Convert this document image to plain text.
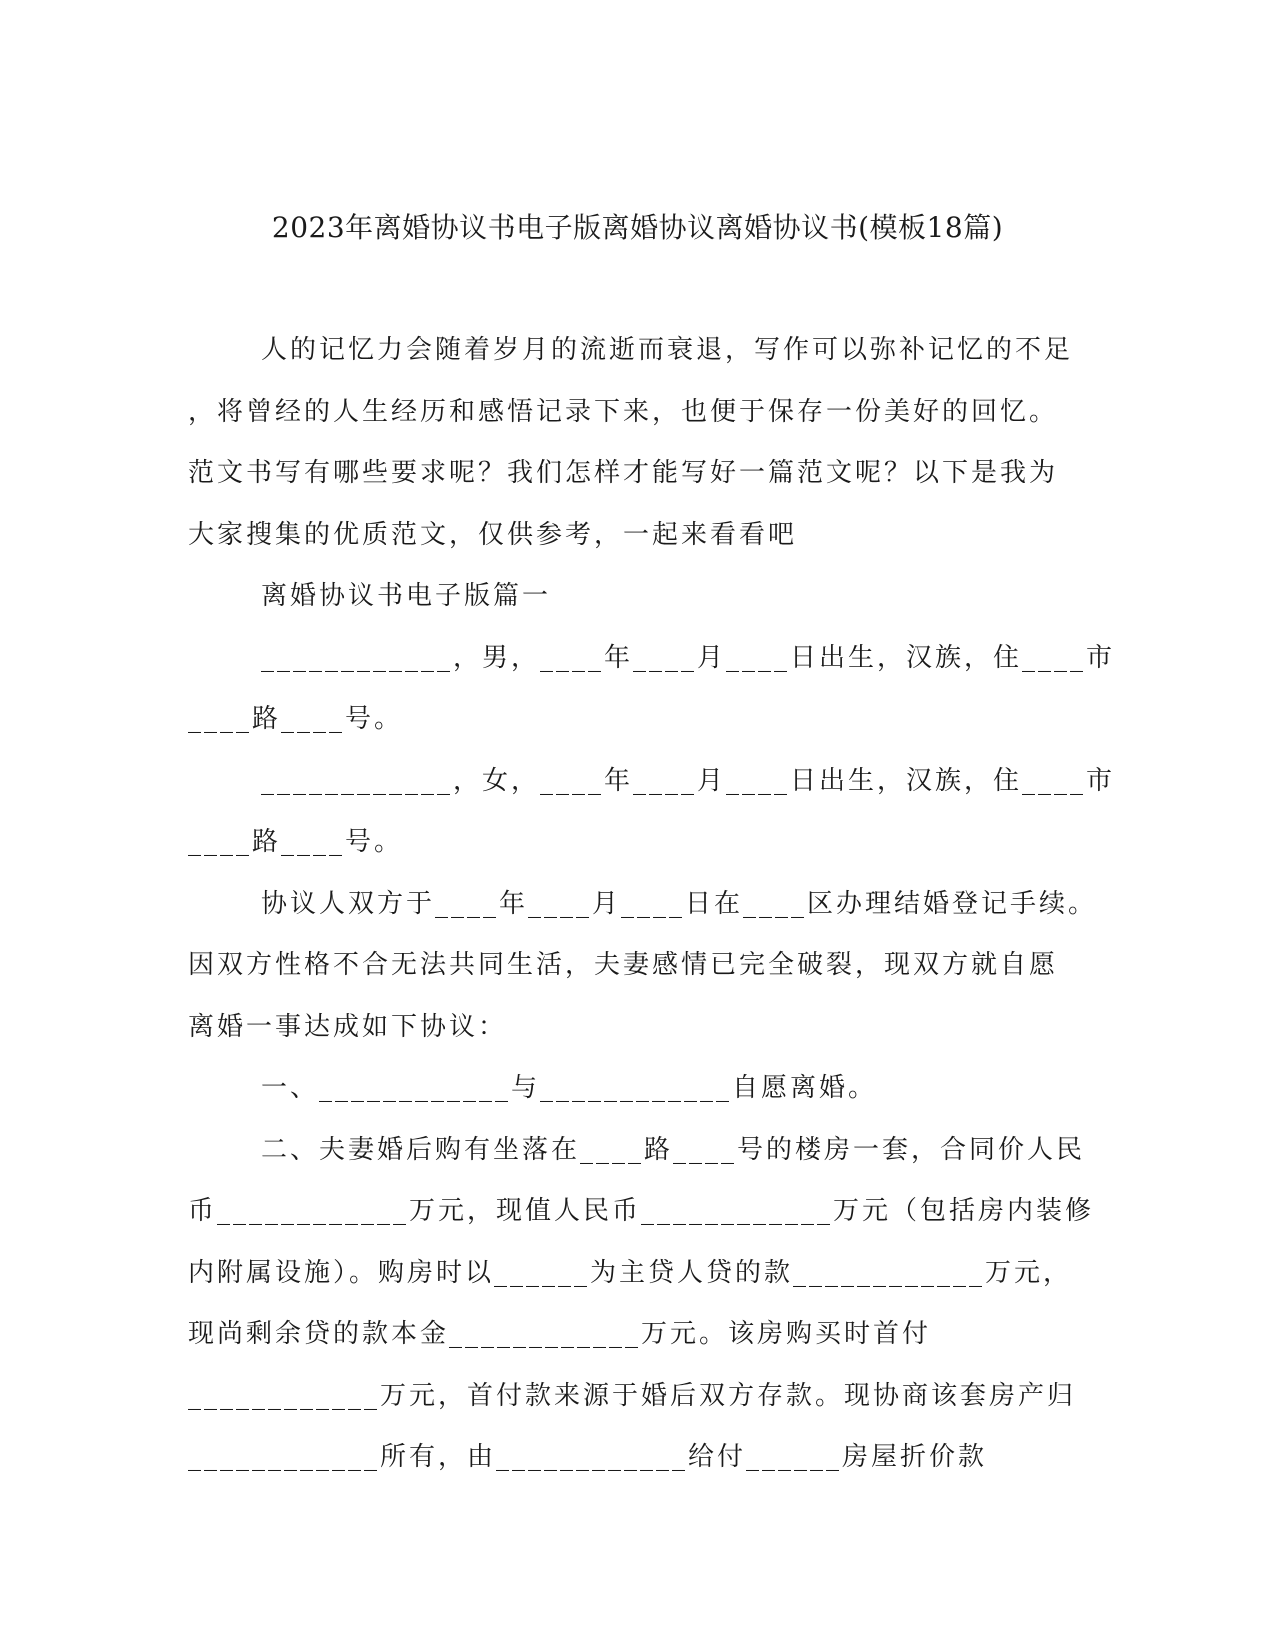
2023年离婚协议书电子版离婚协议离婚协议书(模板18篇)
人的记忆力会随着岁月的流逝而衰退，写作可以弥补记忆的不足
，将曾经的人生经历和感悟记录下来，也便于保存一份美好的回忆。
范文书写有哪些要求呢？我们怎样才能写好一篇范文呢？以下是我为
大家搜集的优质范文，仅供参考，一起来看看吧
离婚协议书电子版篇一
____________，男，____年____月____日出生，汉族，住____市
____路____号。
____________，女，____年____月____日出生，汉族，住____市
____路____号。
协议人双方于____年____月____日在____区办理结婚登记手续。
因双方性格不合无法共同生活，夫妻感情已完全破裂，现双方就自愿
离婚一事达成如下协议：
一、____________与____________自愿离婚。
二、夫妻婚后购有坐落在____路____号的楼房一套，合同价人民
币____________万元，现值人民币____________万元（包括房内装修
内附属设施）。购房时以______为主贷人贷的款____________万元，
现尚剩余贷的款本金____________万元。该房购买时首付
____________万元，首付款来源于婚后双方存款。现协商该套房产归
____________所有，由____________给付______房屋折价款
